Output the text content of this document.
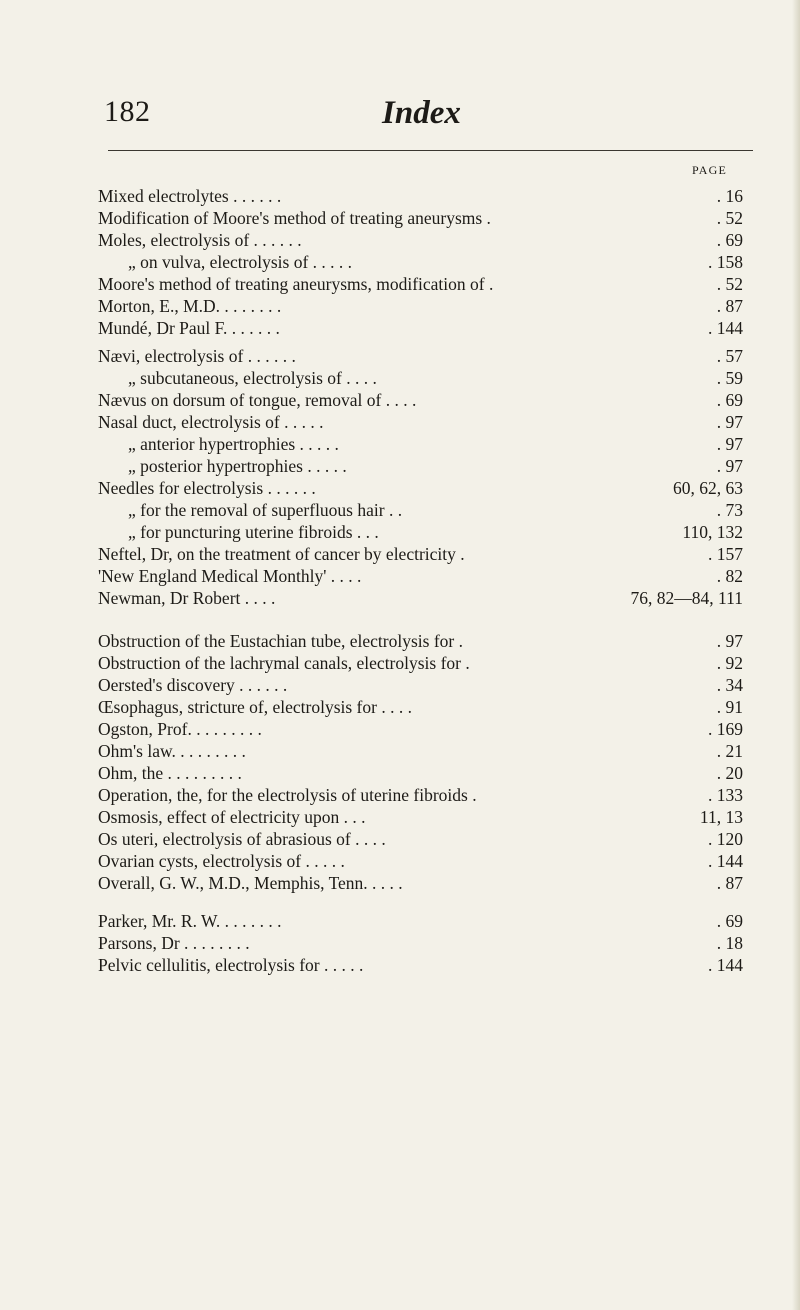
182	Index
PAGE
Mixed electrolytes . . . . . .	. 16
Modification of Moore's method of treating aneurysms .	. 52
Moles, electrolysis of . . . . . .	. 69
„ on vulva, electrolysis of . . . . .	. 158
Moore's method of treating aneurysms, modification of .	. 52
Morton, E., M.D. . . . . . . .	. 87
Mundé, Dr Paul F. . . . . . .	. 144
Nævi, electrolysis of . . . . . .	. 57
„ subcutaneous, electrolysis of . . . .	. 59
Nævus on dorsum of tongue, removal of . . . .	. 69
Nasal duct, electrolysis of . . . . .	. 97
„ anterior hypertrophies . . . . .	. 97
„ posterior hypertrophies . . . . .	. 97
Needles for electrolysis . . . . . .	60, 62, 63
„ for the removal of superfluous hair . .	. 73
„ for puncturing uterine fibroids . . .	110, 132
Neftel, Dr, on the treatment of cancer by electricity .	. 157
'New England Medical Monthly' . . . .	. 82
Newman, Dr Robert . . . .	76, 82—84, 111
Obstruction of the Eustachian tube, electrolysis for .	. 97
Obstruction of the lachrymal canals, electrolysis for .	. 92
Oersted's discovery . . . . . .	. 34
Œsophagus, stricture of, electrolysis for . . . .	. 91
Ogston, Prof. . . . . . . . .	. 169
Ohm's law. . . . . . . . .	. 21
Ohm, the . . . . . . . . .	. 20
Operation, the, for the electrolysis of uterine fibroids .	. 133
Osmosis, effect of electricity upon . . .	11, 13
Os uteri, electrolysis of abrasious of . . . .	. 120
Ovarian cysts, electrolysis of . . . . .	. 144
Overall, G. W., M.D., Memphis, Tenn. . . . .	. 87
Parker, Mr. R. W. . . . . . . .	. 69
Parsons, Dr . . . . . . . .	. 18
Pelvic cellulitis, electrolysis for . . . . .	. 144
